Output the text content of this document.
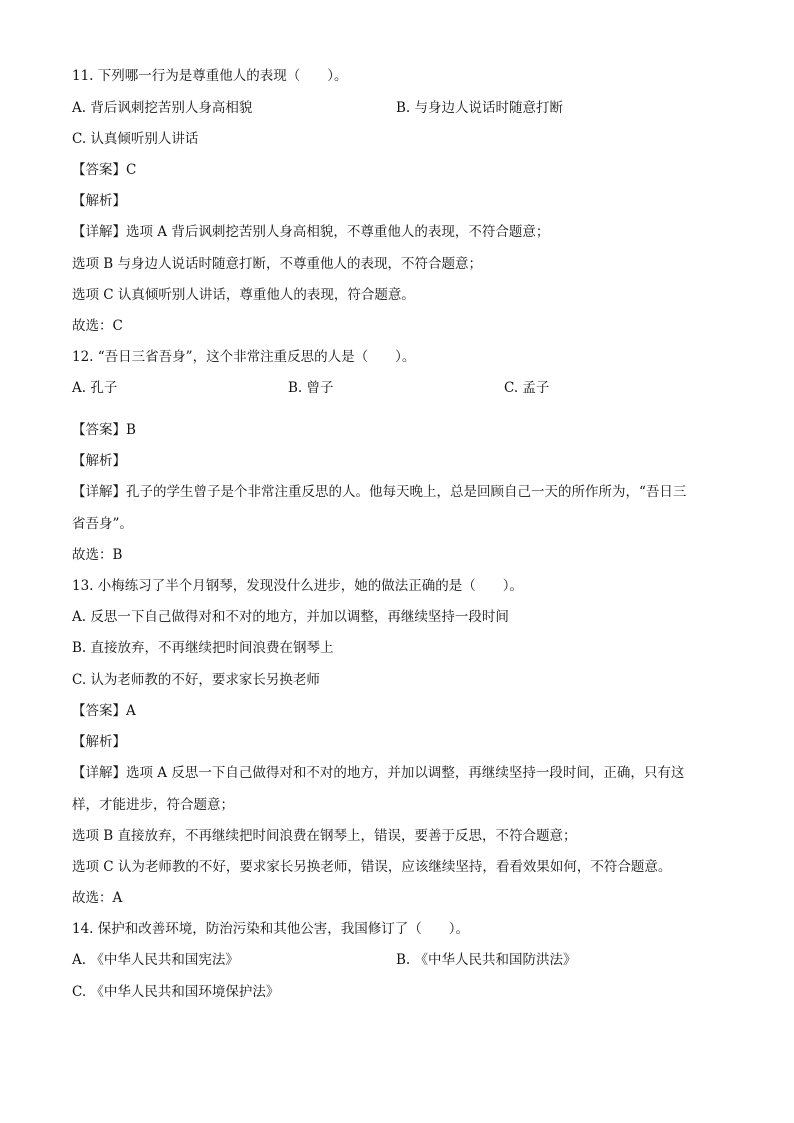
11. 下列哪一行为是尊重他人的表现（　　）。
A. 背后讽刺挖苦别人身高相貌	B. 与身边人说话时随意打断
C. 认真倾听别人讲话
【答案】C
【解析】
【详解】选项 A 背后讽刺挖苦别人身高相貌，不尊重他人的表现，不符合题意；
选项 B 与身边人说话时随意打断，不尊重他人的表现，不符合题意；
选项 C 认真倾听别人讲话，尊重他人的表现，符合题意。
故选：C
12. “吾日三省吾身”，这个非常注重反思的人是（　　）。
A. 孔子	B. 曾子	C. 孟子
【答案】B
【解析】
【详解】孔子的学生曾子是个非常注重反思的人。他每天晚上，总是回顾自己一天的所作所为，“吾日三
省吾身”。
故选：B
13. 小梅练习了半个月钢琴，发现没什么进步，她的做法正确的是（　　）。
A. 反思一下自己做得对和不对的地方，并加以调整，再继续坚持一段时间
B. 直接放弃，不再继续把时间浪费在钢琴上
C. 认为老师教的不好，要求家长另换老师
【答案】A
【解析】
【详解】选项 A 反思一下自己做得对和不对的地方，并加以调整，再继续坚持一段时间，正确，只有这
样，才能进步，符合题意；
选项 B 直接放弃，不再继续把时间浪费在钢琴上，错误，要善于反思，不符合题意；
选项 C 认为老师教的不好，要求家长另换老师，错误，应该继续坚持，看看效果如何，不符合题意。
故选：A
14. 保护和改善环境，防治污染和其他公害，我国修订了（　　）。
A. 《中华人民共和国宪法》	B. 《中华人民共和国防洪法》
C. 《中华人民共和国环境保护法》
